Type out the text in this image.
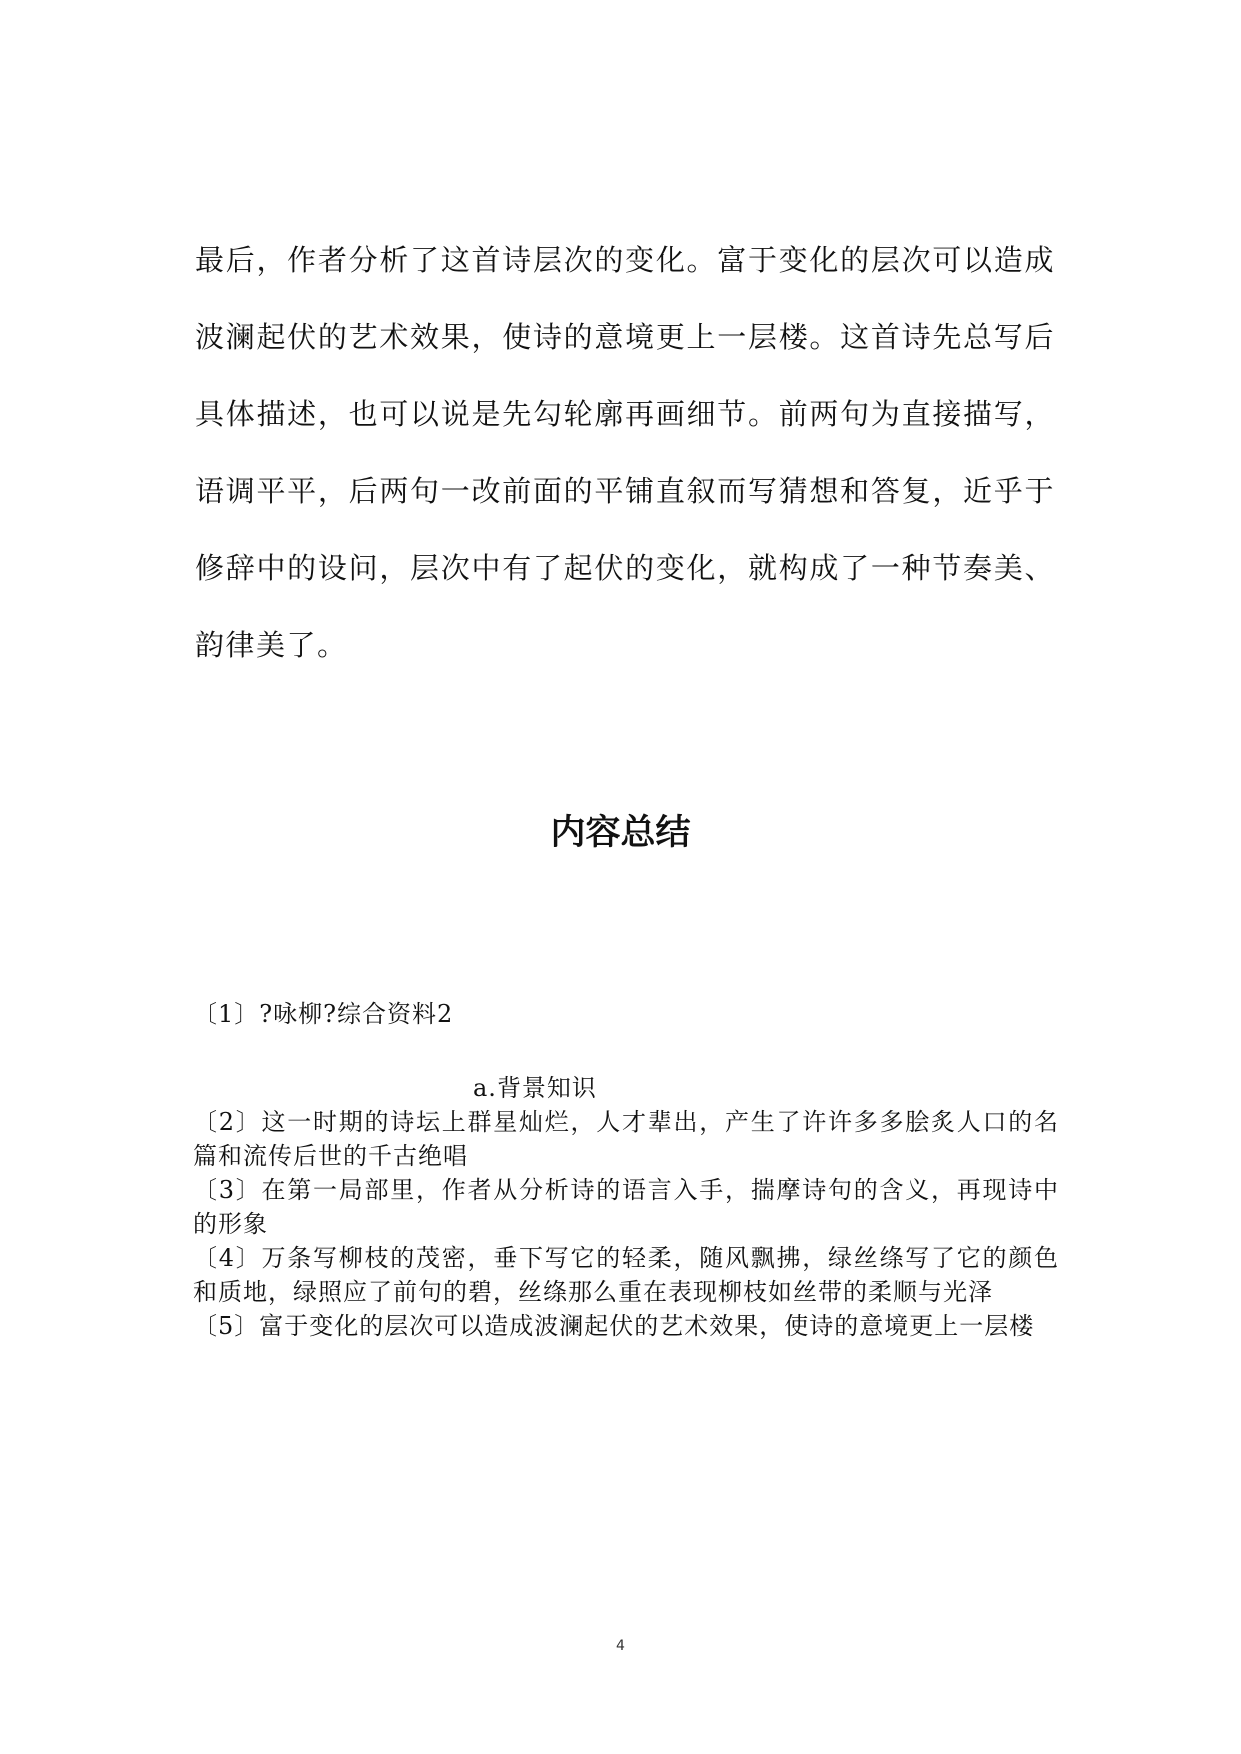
最后，作者分析了这首诗层次的变化。富于变化的层次可以造成波澜起伏的艺术效果，使诗的意境更上一层楼。这首诗先总写后具体描述，也可以说是先勾轮廓再画细节。前两句为直接描写，语调平平，后两句一改前面的平铺直叙而写猜想和答复，近乎于修辞中的设问，层次中有了起伏的变化，就构成了一种节奏美、韵律美了。

内容总结

〔1〕?咏柳?综合资料2

a.背景知识

〔2〕这一时期的诗坛上群星灿烂，人才辈出，产生了许许多多脍炙人口的名篇和流传后世的千古绝唱
〔3〕在第一局部里，作者从分析诗的语言入手，揣摩诗句的含义，再现诗中的形象
〔4〕万条写柳枝的茂密，垂下写它的轻柔，随风飘拂，绿丝绦写了它的颜色和质地，绿照应了前句的碧，丝绦那么重在表现柳枝如丝带的柔顺与光泽
〔5〕富于变化的层次可以造成波澜起伏的艺术效果，使诗的意境更上一层楼
4
